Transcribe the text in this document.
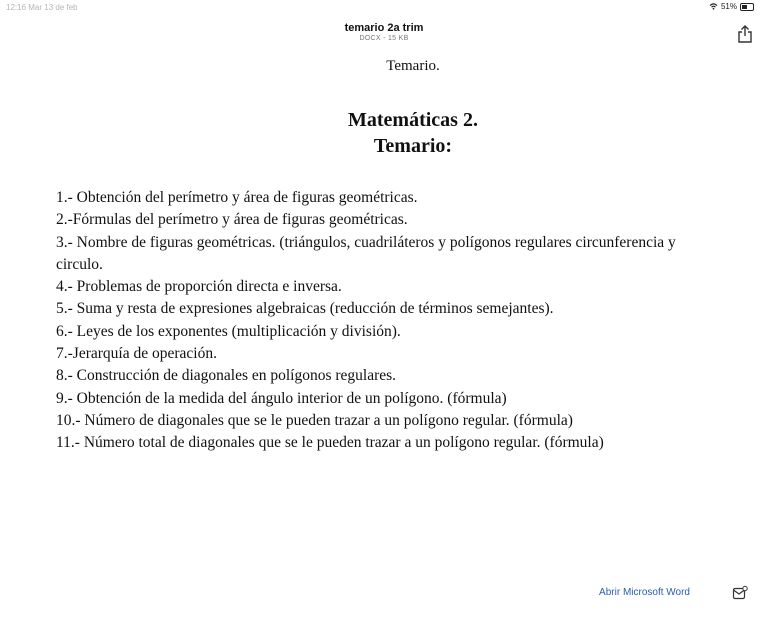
12:16 Mar 13 de feb	51%
temario 2a trim
DOCX - 15 KB
Temario.
Matemáticas 2.
Temario:
1.- Obtención del perímetro y área de figuras geométricas.
2.-Fórmulas del perímetro y área de figuras geométricas.
3.- Nombre de figuras geométricas. (triángulos, cuadriláteros y polígonos regulares circunferencia y
circulo.
4.- Problemas de proporción directa e inversa.
5.- Suma y resta de expresiones algebraicas (reducción de términos semejantes).
6.- Leyes de los exponentes (multiplicación y división).
7.-Jerarquía de operación.
8.- Construcción de diagonales en polígonos regulares.
9.- Obtención de la medida del ángulo interior de un polígono. (fórmula)
10.- Número de diagonales que se le pueden trazar a un polígono regular. (fórmula)
11.- Número total de diagonales que se le pueden trazar a un polígono regular. (fórmula)
Abrir Microsoft Word
